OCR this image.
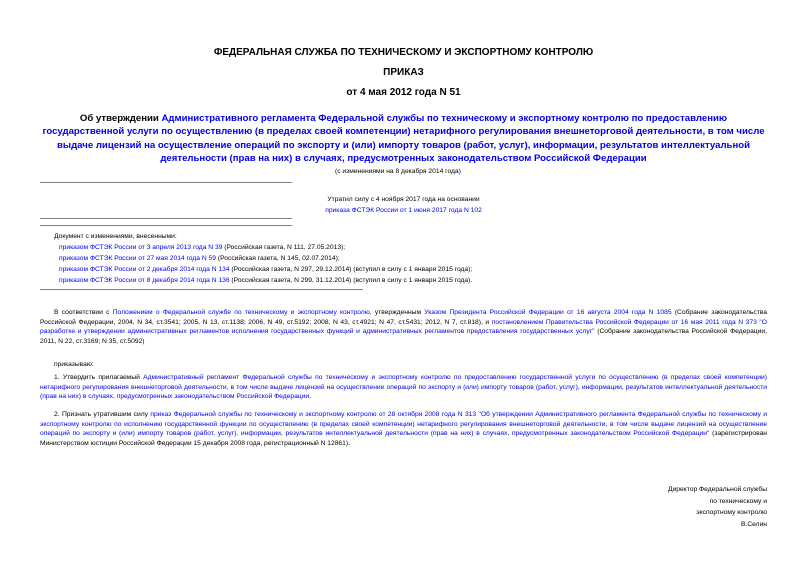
ФЕДЕРАЛЬНАЯ СЛУЖБА ПО ТЕХНИЧЕСКОМУ И ЭКСПОРТНОМУ КОНТРОЛЮ
ПРИКАЗ
от 4 мая 2012 года N 51
Об утверждении Административного регламента Федеральной службы по техническому и экспортному контролю по предоставлению государственной услуги по осуществлению (в пределах своей компетенции) нетарифного регулирования внешнеторговой деятельности, в том числе выдаче лицензий на осуществление операций по экспорту и (или) импорту товаров (работ, услуг), информации, результатов интеллектуальной деятельности (прав на них) в случаях, предусмотренных законодательством Российской Федерации
(с изменениями на 8 декабря 2014 года)
Утратил силу с 4 ноября 2017 года на основании
приказа ФСТЭК России от 1 июня 2017 года N 102
Документ с изменениями, внесенными:
приказом ФСТЭК России от 3 апреля 2013 года N 39 (Российская газета, N 111, 27.05.2013);
приказом ФСТЭК России от 27 мая 2014 года N 59 (Российская газета, N 145, 02.07.2014);
приказом ФСТЭК России от 2 декабря 2014 года N 134 (Российская газета, N 297, 29.12.2014) (вступил в силу с 1 января 2015 года);
приказом ФСТЭК России от 8 декабря 2014 года N 136 (Российская газета, N 299, 31.12.2014) (вступил в силу с 1 января 2015 года).
В соответствии с Положением о Федеральной службе по техническому и экспортному контролю, утвержденным Указом Президента Российской Федерации от 16 августа 2004 года N 1085 (Собрание законодательства Российской Федерации, 2004, N 34, ст.3541; 2005, N 13, ст.1138; 2006, N 49, ст.5192; 2008, N 43, ст.4921; N 47, ст.5431; 2012, N 7, ст.818), и постановлением Правительства Российской Федерации от 16 мая 2011 года N 373 "О разработке и утверждении административных регламентов исполнения государственных функций и административных регламентов предоставления государственных услуг" (Собрание законодательства Российской Федерации, 2011, N 22, ст.3169; N 35, ст.5092)
приказываю:
1. Утвердить прилагаемый Административный регламент Федеральной службы по техническому и экспортному контролю по предоставлению государственной услуги по осуществлению (в пределах своей компетенции) нетарифного регулирования внешнеторговой деятельности, в том числе выдаче лицензий на осуществление операций по экспорту и (или) импорту товаров (работ, услуг), информации, результатов интеллектуальной деятельности (прав на них) в случаях, предусмотренных законодательством Российской Федерации.
2. Признать утратившим силу приказ Федеральной службы по техническому и экспортному контролю от 28 октября 2008 года N 313 "Об утверждении Административного регламента Федеральной службы по техническому и экспортному контролю по исполнению государственной функции по осуществлению (в пределах своей компетенции) нетарифного регулирования внешнеторговой деятельности, в том числе выдаче лицензий на осуществление операций по экспорту и (или) импорту товаров (работ, услуг), информации, результатов интеллектуальной деятельности (прав на них) в случаях, предусмотренных законодательством Российской Федерации" (зарегистрирован Министерством юстиции Российской Федерации 15 декабря 2008 года, регистрационный N 12861).
Директор Федеральной службы
по техническому и
экспортному контролю
В.Селин
